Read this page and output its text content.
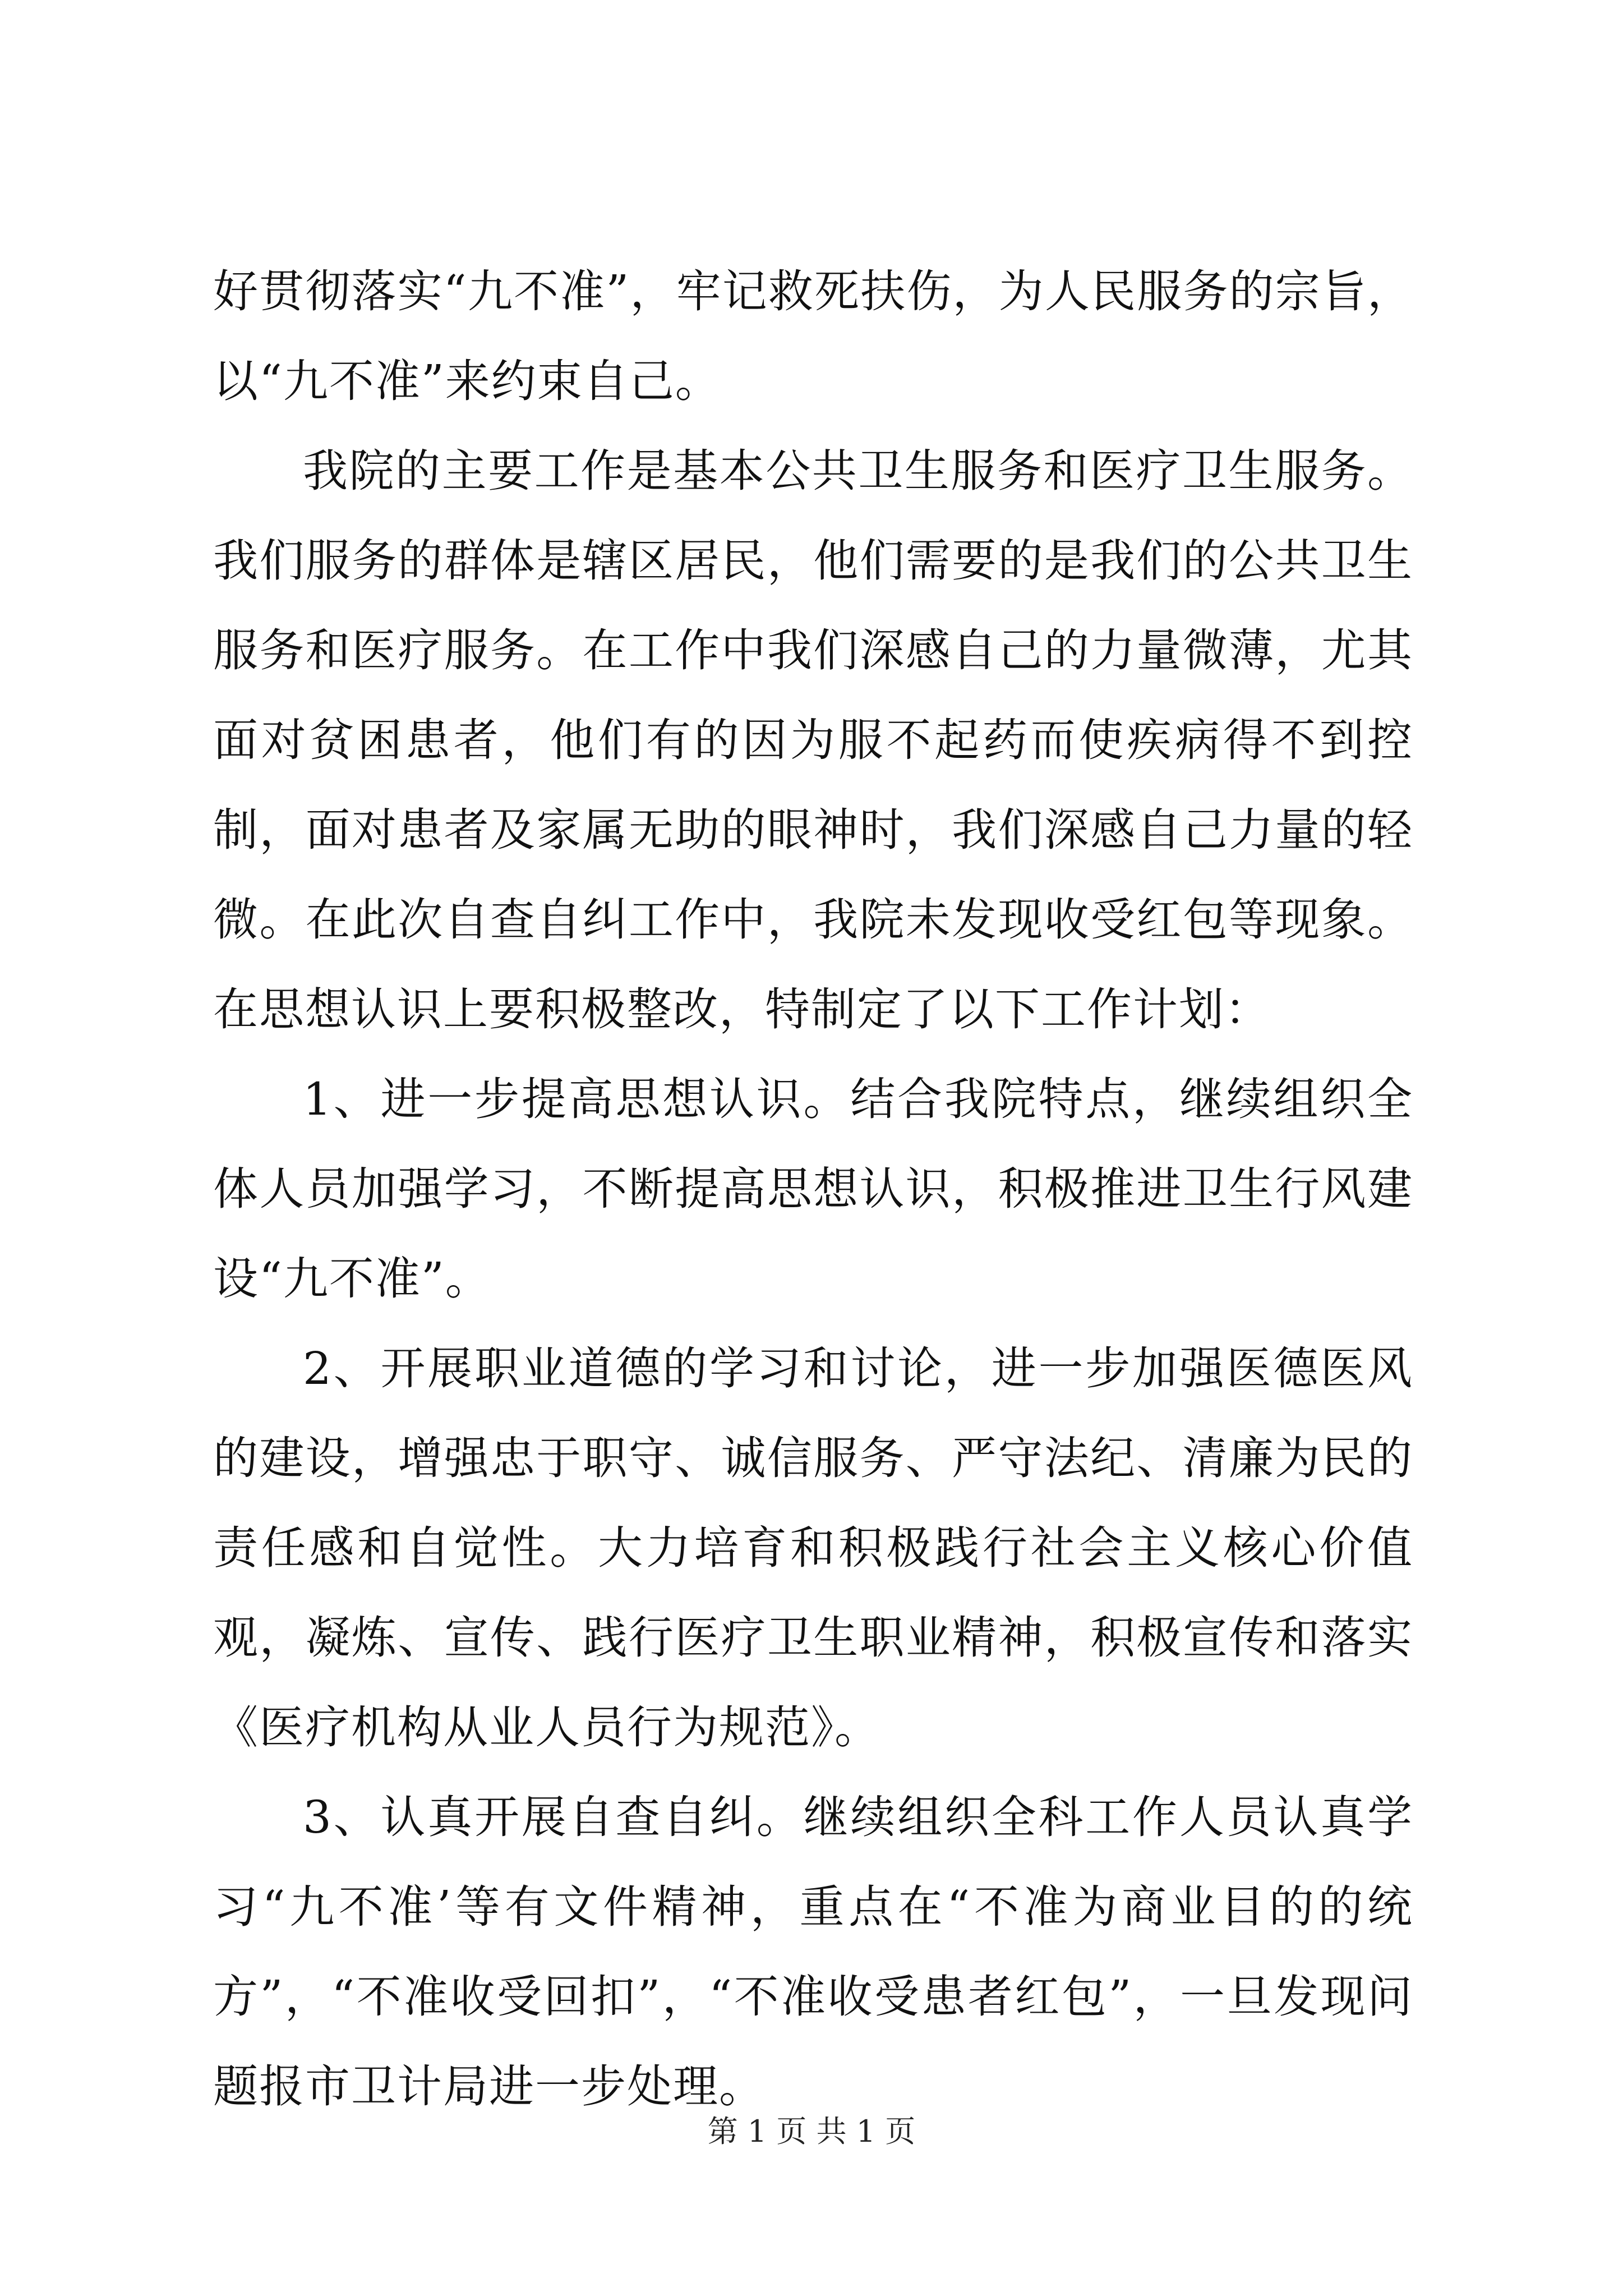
好贯彻落实“九不准”，牢记救死扶伤，为人民服务的宗旨，以“九不准”来约束自己。

我院的主要工作是基本公共卫生服务和医疗卫生服务。我们服务的群体是辖区居民，他们需要的是我们的公共卫生服务和医疗服务。在工作中我们深感自己的力量微薄，尤其面对贫困患者，他们有的因为服不起药而使疾病得不到控制，面对患者及家属无助的眼神时，我们深感自己力量的轻微。在此次自查自纠工作中，我院未发现收受红包等现象。在思想认识上要积极整改，特制定了以下工作计划：

1、进一步提高思想认识。结合我院特点，继续组织全体人员加强学习，不断提高思想认识，积极推进卫生行风建设“九不准”。

2、开展职业道德的学习和讨论，进一步加强医德医风的建设，增强忠于职守、诚信服务、严守法纪、清廉为民的责任感和自觉性。大力培育和积极践行社会主义核心价值观，凝炼、宣传、践行医疗卫生职业精神，积极宣传和落实《医疗机构从业人员行为规范》。

3、认真开展自查自纠。继续组织全科工作人员认真学习“九不准’等有文件精神，重点在“不准为商业目的的统方”，“不准收受回扣”，“不准收受患者红包”，一旦发现问题报市卫计局进一步处理。

第 1 页 共 1 页
